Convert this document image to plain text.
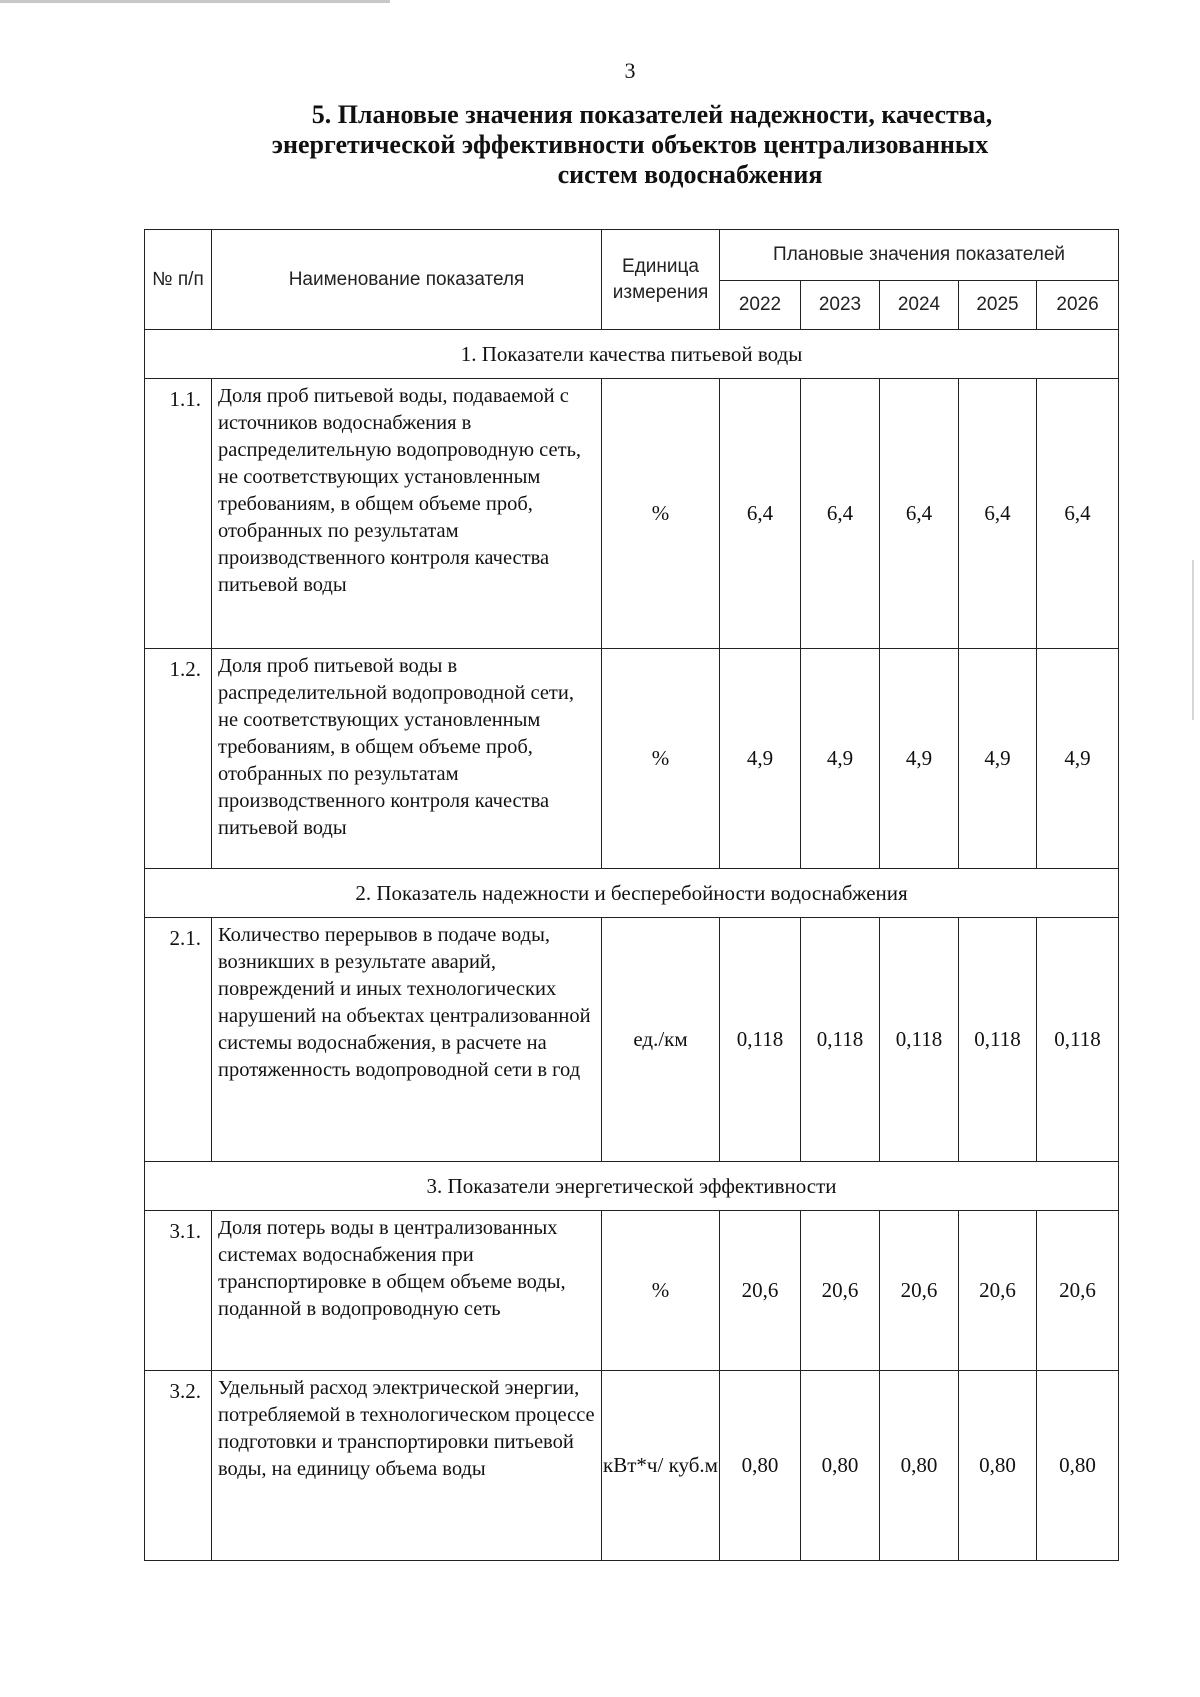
3
5. Плановые значения показателей надежности, качества,
энергетической эффективности объектов централизованных
систем водоснабжения
№ п/п	Наименование показателя	Единица измерения	Плановые значения показателей				
			2022	2023	2024	2025	2026
1. Показатели качества питьевой воды							
1.1.	Доля проб питьевой воды, подаваемой с источников водоснабжения в распределительную водопроводную сеть, не соответствующих установленным требованиям, в общем объеме проб, отобранных по результатам производственного контроля качества питьевой воды	%	6,4	6,4	6,4	6,4	6,4
1.2.	Доля проб питьевой воды в распределительной водопроводной сети, не соответствующих установленным требованиям, в общем объеме проб, отобранных по результатам производственного контроля качества питьевой воды	%	4,9	4,9	4,9	4,9	4,9
2. Показатель надежности и бесперебойности водоснабжения							
2.1.	Количество перерывов в подаче воды, возникших в результате аварий, повреждений и иных технологических нарушений на объектах централизованной системы водоснабжения, в расчете на протяженность водопроводной сети в год	ед./км	0,118	0,118	0,118	0,118	0,118
3. Показатели энергетической эффективности							
3.1.	Доля потерь воды в централизованных системах водоснабжения при транспортировке в общем объеме воды, поданной в водопроводную сеть	%	20,6	20,6	20,6	20,6	20,6
3.2.	Удельный расход электрической энергии, потребляемой в технологическом процессе подготовки и транспортировки питьевой воды, на единицу объема воды	кВт*ч/ куб.м	0,80	0,80	0,80	0,80	0,80
